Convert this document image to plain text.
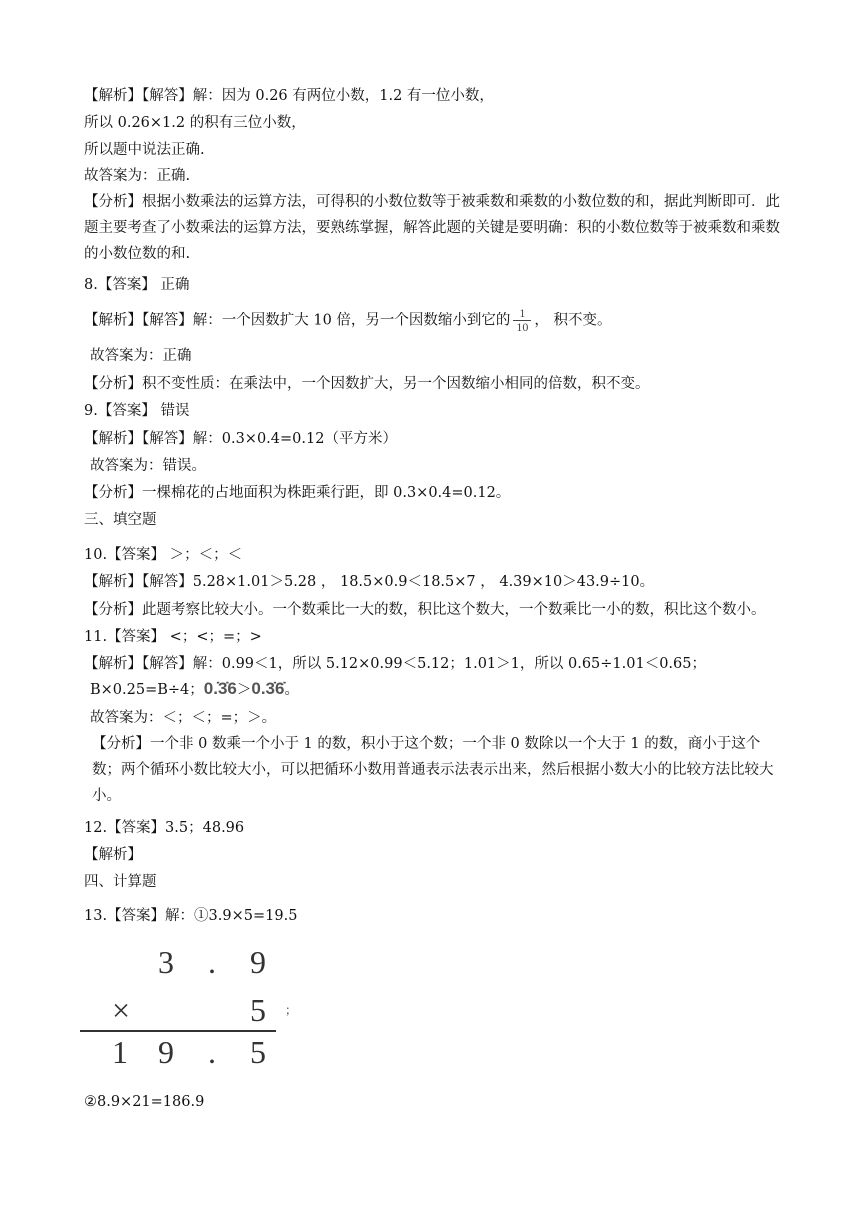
【解析】【解答】解：因为 0.26 有两位小数，1.2 有一位小数，
所以 0.26×1.2 的积有三位小数，
所以题中说法正确.
故答案为：正确.
【分析】根据小数乘法的运算方法，可得积的小数位数等于被乘数和乘数的小数位数的和，据此判断即可．此题主要考查了小数乘法的运算方法，要熟练掌握，解答此题的关键是要明确：积的小数位数等于被乘数和乘数的小数位数的和.
8.【答案】 正确
【解析】【解答】解：一个因数扩大 10 倍，另一个因数缩小到它的 $\frac{1}{10}$ ， 积不变。
故答案为：正确
【分析】积不变性质：在乘法中，一个因数扩大，另一个因数缩小相同的倍数，积不变。
9.【答案】 错误
【解析】【解答】解：0.3×0.4=0.12（平方米）
故答案为：错误。
【分析】一棵棉花的占地面积为株距乘行距，即 0.3×0.4=0.12。
三、填空题
10.【答案】 ＞；＜；＜
【解析】【解答】5.28×1.01＞5.28 ， 18.5×0.9＜18.5×7 ， 4.39×10＞43.9÷10。
【分析】此题考察比较大小。一个数乘比一大的数，积比这个数大，一个数乘比一小的数，积比这个数小。
11.【答案】 <；<；=；>
【解析】【解答】解：0.99＜1，所以 5.12×0.99＜5.12；1.01＞1，所以 0.65÷1.01＜0.65；
B×0.25=B÷4；0.̇3̇6＞0.3̇6̇。
故答案为：＜；＜；=；＞。
【分析】一个非 0 数乘一个小于 1 的数，积小于这个数；一个非 0 数除以一个大于 1 的数，商小于这个数；两个循环小数比较大小，可以把循环小数用普通表示法表示出来，然后根据小数大小的比较方法比较大小。
12.【答案】3.5；48.96
【解析】
四、计算题
13.【答案】解：①3.9×5=19.5
3 . 9
×	5
1 9 . 5
；
②8.9×21=186.9
